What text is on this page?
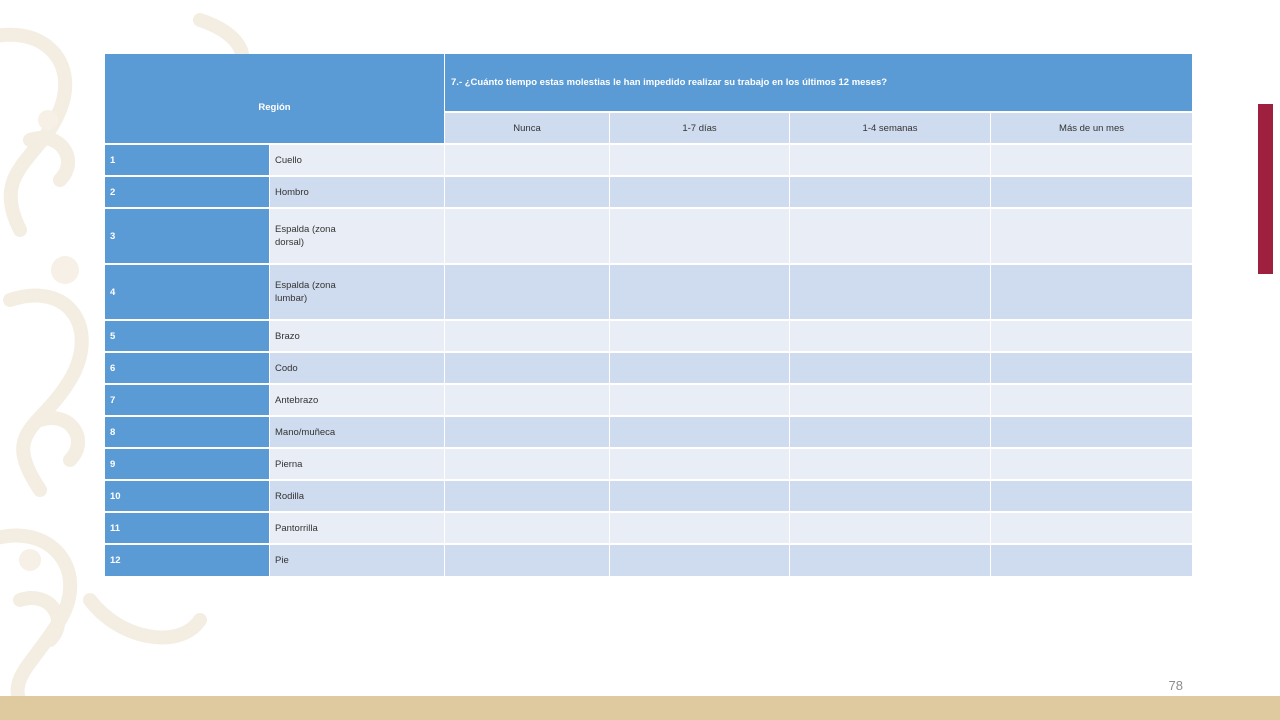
Región		7.- ¿Cuánto tiempo estas molestias le han impedido realizar su trabajo en los últimos 12 meses?			
		Nunca	1-7 días	1-4 semanas	Más de un mes
1	Cuello				
2	Hombro				
3	Espalda (zona dorsal)				
4	Espalda (zona lumbar)				
5	Brazo				
6	Codo				
7	Antebrazo				
8	Mano/muñeca				
9	Pierna				
10	Rodilla				
11	Pantorrilla				
12	Pie				
78
